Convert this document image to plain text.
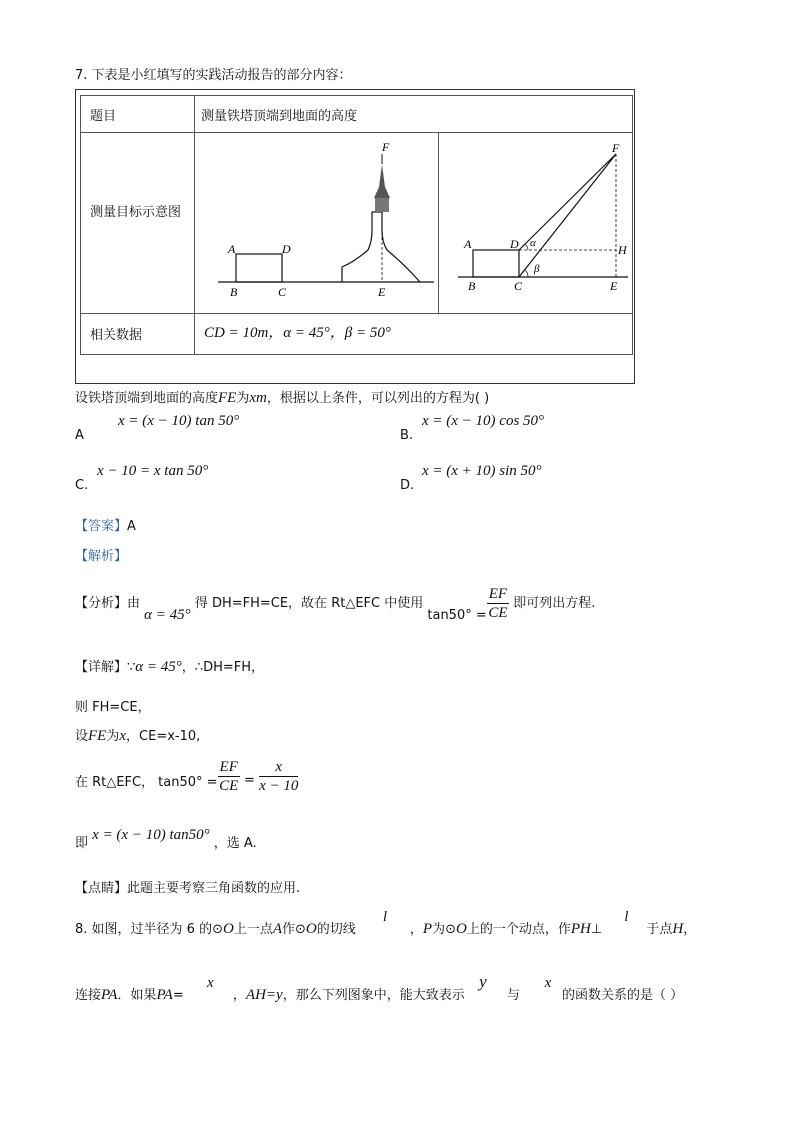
7. 下表是小红填写的实践活动报告的部分内容：
题目	测量铁塔顶端到地面的高度
测量目标示意图
相关数据	CD = 10m，α = 45°，β = 50°
A	D
B	C	E
F
A	D α
β
B	C	E
F
H
设铁塔顶端到地面的高度FE为xm，根据以上条件，可以列出的方程为( )
A
x = (x − 10) tan 50°
B.
x = (x − 10) cos 50°
C.
x − 10 = x tan 50°
D.
x = (x + 10) sin 50°
【答案】A
【解析】
【分析】由 α = 45° 得 DH=FH=CE，故在 Rt△EFC 中使用 $\tan 50^\circ = \frac{EF}{CE}$ 即可列出方程.
【详解】∵α = 45°，∴DH=FH，
则 FH=CE，
设FE为x，CE=x-10,
在 Rt△EFC， $\tan 50^\circ = \frac{EF}{CE} = \frac{x}{x - 10}$
即 x = (x − 10) tan50° ，选 A.
【点睛】此题主要考察三角函数的应用.
8. 如图，过半径为 6 的⊙O上一点A作⊙O的切线 l，P为⊙O上的一个动点，作PH⊥ l于点H，
连接PA．如果PA= x，AH=y，那么下列图象中，能大致表示 y与 x的函数关系的是（ ）
